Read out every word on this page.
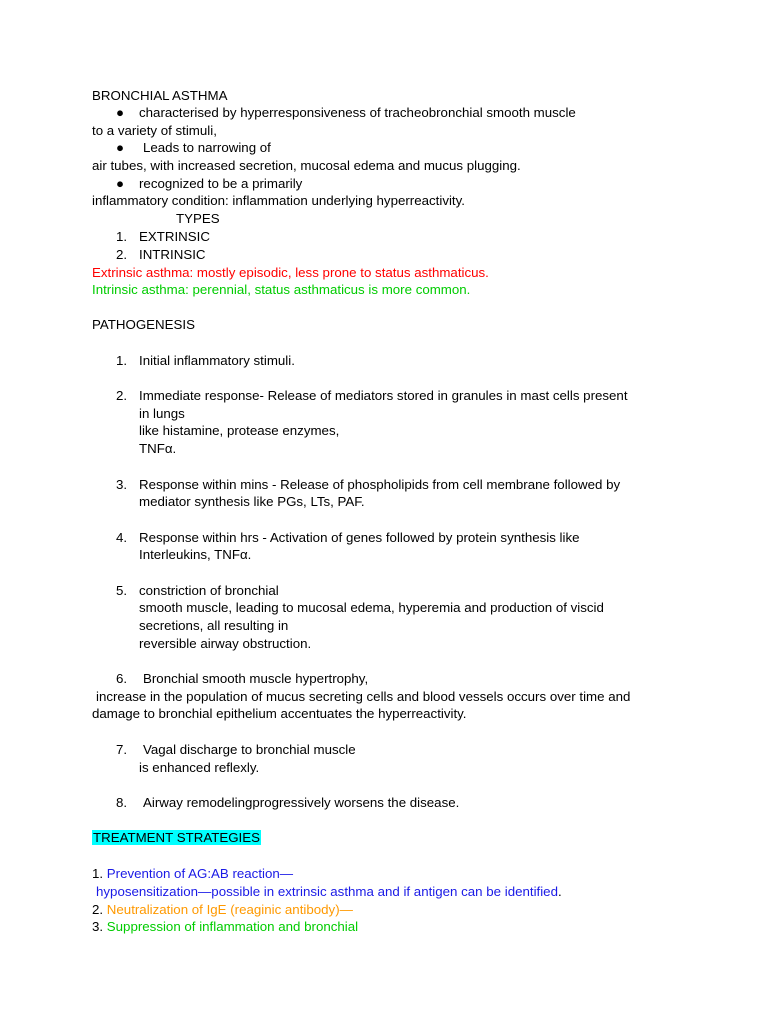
BRONCHIAL ASTHMA
● characterised by hyperresponsiveness of tracheobronchial smooth muscle
to a variety of stimuli,
● Leads to narrowing of
air tubes, with increased secretion, mucosal edema and mucus plugging.
● recognized to be a primarily
inflammatory condition: inflammation underlying hyperreactivity.
TYPES
1. EXTRINSIC
2. INTRINSIC
Extrinsic asthma: mostly episodic, less prone to status asthmaticus.
Intrinsic asthma: perennial, status asthmaticus is more common.
PATHOGENESIS
1. Initial inflammatory stimuli.
2. Immediate response- Release of mediators stored in granules in mast cells present
in lungs
like histamine, protease enzymes,
TNFα.
3. Response within mins - Release of phospholipids from cell membrane followed by
mediator synthesis like PGs, LTs, PAF.
4. Response within hrs - Activation of genes followed by protein synthesis like
Interleukins, TNFα.
5. constriction of bronchial
smooth muscle, leading to mucosal edema, hyperemia and production of viscid
secretions, all resulting in
reversible airway obstruction.
6. Bronchial smooth muscle hypertrophy,
increase in the population of mucus secreting cells and blood vessels occurs over time and
damage to bronchial epithelium accentuates the hyperreactivity.
7. Vagal discharge to bronchial muscle
is enhanced reflexly.
8. Airway remodelingprogressively worsens the disease.
TREATMENT STRATEGIES
1. Prevention of AG:AB reaction—
hyposensitization—possible in extrinsic asthma and if antigen can be identified.
2. Neutralization of IgE (reaginic antibody)—
3. Suppression of inflammation and bronchial
